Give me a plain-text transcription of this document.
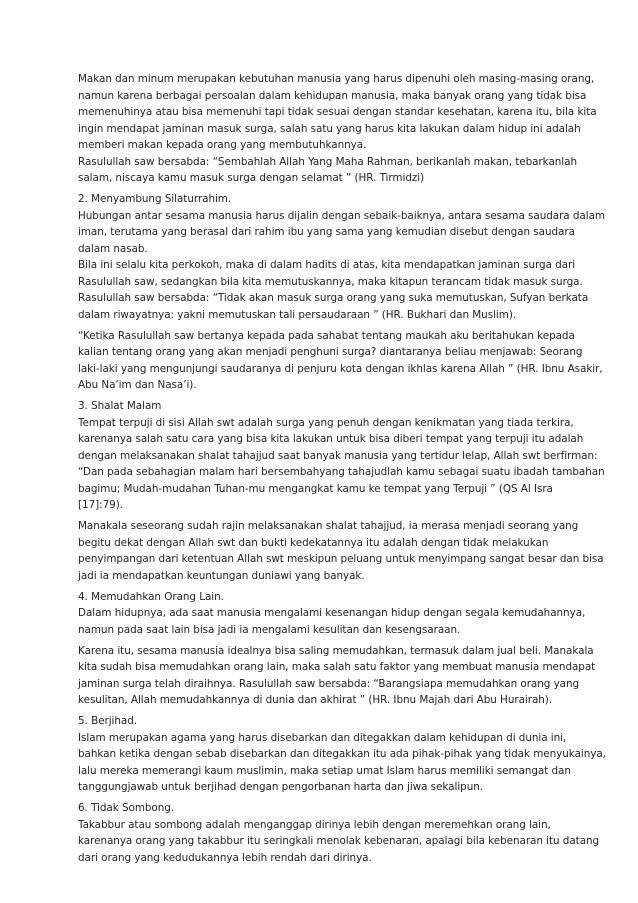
Makan dan minum merupakan kebutuhan manusia yang harus dipenuhi oleh masing-masing orang,
namun karena berbagai persoalan dalam kehidupan manusia, maka banyak orang yang tidak bisa
memenuhinya atau bisa memenuhi tapi tidak sesuai dengan standar kesehatan, karena itu, bila kita
ingin mendapat jaminan masuk surga, salah satu yang harus kita lakukan dalam hidup ini adalah
memberi makan kepada orang yang membutuhkannya.
Rasulullah saw bersabda: “Sembahlah Allah Yang Maha Rahman, berikanlah makan, tebarkanlah
salam, niscaya kamu masuk surga dengan selamat ” (HR. Tirmidzi)
2. Menyambung Silaturrahim.
Hubungan antar sesama manusia harus dijalin dengan sebaik-baiknya, antara sesama saudara dalam
iman, terutama yang berasal dari rahim ibu yang sama yang kemudian disebut dengan saudara
dalam nasab.
Bila ini selalu kita perkokoh, maka di dalam hadits di atas, kita mendapatkan jaminan surga dari
Rasulullah saw, sedangkan bila kita memutuskannya, maka kitapun terancam tidak masuk surga.
Rasulullah saw bersabda: “Tidak akan masuk surga orang yang suka memutuskan, Sufyan berkata
dalam riwayatnya: yakni memutuskan tali persaudaraan ” (HR. Bukhari dan Muslim).
“Ketika Rasulullah saw bertanya kepada pada sahabat tentang maukah aku beritahukan kepada
kalian tentang orang yang akan menjadi penghuni surga? diantaranya beliau menjawab: Seorang
laki-laki yang mengunjungi saudaranya di penjuru kota dengan ikhlas karena Allah ” (HR. Ibnu Asakir,
Abu Na’im dan Nasa’i).
3. Shalat Malam
Tempat terpuji di sisi Allah swt adalah surga yang penuh dengan kenikmatan yang tiada terkira,
karenanya salah satu cara yang bisa kita lakukan untuk bisa diberi tempat yang terpuji itu adalah
dengan melaksanakan shalat tahajjud saat banyak manusia yang tertidur lelap, Allah swt berfirman:
“Dan pada sebahagian malam hari bersembahyang tahajudlah kamu sebagai suatu ibadah tambahan
bagimu; Mudah-mudahan Tuhan-mu mengangkat kamu ke tempat yang Terpuji ” (QS Al Isra
[17]:79).
Manakala seseorang sudah rajin melaksanakan shalat tahajjud, ia merasa menjadi seorang yang
begitu dekat dengan Allah swt dan bukti kedekatannya itu adalah dengan tidak melakukan
penyimpangan dari ketentuan Allah swt meskipun peluang untuk menyimpang sangat besar dan bisa
jadi ia mendapatkan keuntungan duniawi yang banyak.
4. Memudahkan Orang Lain.
Dalam hidupnya, ada saat manusia mengalami kesenangan hidup dengan segala kemudahannya,
namun pada saat lain bisa jadi ia mengalami kesulitan dan kesengsaraan.
Karena itu, sesama manusia idealnya bisa saling memudahkan, termasuk dalam jual beli. Manakala
kita sudah bisa memudahkan orang lain, maka salah satu faktor yang membuat manusia mendapat
jaminan surga telah diraihnya. Rasulullah saw bersabda: “Barangsiapa memudahkan orang yang
kesulitan, Allah memudahkannya di dunia dan akhirat ” (HR. Ibnu Majah dari Abu Hurairah).
5. Berjihad.
Islam merupakan agama yang harus disebarkan dan ditegakkan dalam kehidupan di dunia ini,
bahkan ketika dengan sebab disebarkan dan ditegakkan itu ada pihak-pihak yang tidak menyukainya,
lalu mereka memerangi kaum muslimin, maka setiap umat Islam harus memiliki semangat dan
tanggungjawab untuk berjihad dengan pengorbanan harta dan jiwa sekalipun.
6. Tidak Sombong.
Takabbur atau sombong adalah menganggap dirinya lebih dengan meremehkan orang lain,
karenanya orang yang takabbur itu seringkali menolak kebenaran, apalagi bila kebenaran itu datang
dari orang yang kedudukannya lebih rendah dari dirinya.
